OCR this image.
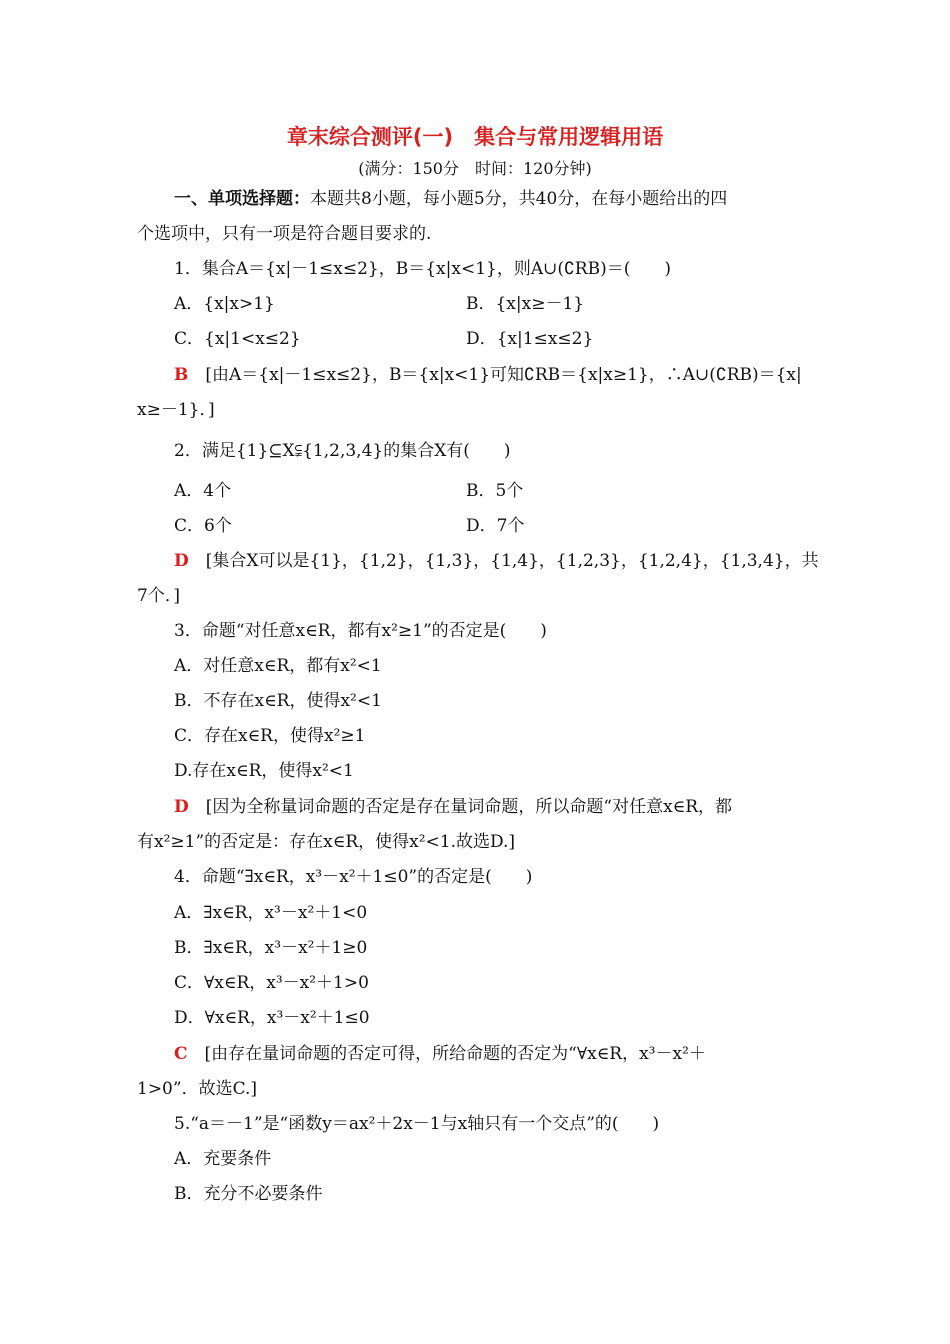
章末综合测评(一)　集合与常用逻辑用语
(满分：150分　时间：120分钟)
一、单项选择题：本题共8小题，每小题5分，共40分，在每小题给出的四
个选项中，只有一项是符合题目要求的.
1．集合A＝{x|－1≤x≤2}，B＝{x|x<1}，则A∪(∁RB)＝(　　)
A．{x|x>1}	B．{x|x≥－1}
C．{x|1<x≤2}	D．{x|1≤x≤2}
B　 [由A＝{x|－1≤x≤2}，B＝{x|x<1}可知∁RB＝{x|x≥1}，∴A∪(∁RB)＝{x|
x≥－1}．]
2．满足{1}⊆X⫋{1,2,3,4}的集合X有(　　)
A．4个	B．5个
C．6个	D．7个
D　 [集合X可以是{1}，{1,2}，{1,3}，{1,4}，{1,2,3}，{1,2,4}，{1,3,4}，共
7个．]
3．命题“对任意x∈R，都有x²≥1”的否定是(　　)
A．对任意x∈R，都有x²<1
B．不存在x∈R，使得x²<1
C．存在x∈R，使得x²≥1
D.存在x∈R，使得x²<1
D　 [因为全称量词命题的否定是存在量词命题，所以命题“对任意x∈R，都
有x²≥1”的否定是：存在x∈R，使得x²<1.故选D.]
4．命题“∃x∈R，x³－x²＋1≤0”的否定是(　　)
A．∃x∈R，x³－x²＋1<0
B．∃x∈R，x³－x²＋1≥0
C．∀x∈R，x³－x²＋1>0
D．∀x∈R，x³－x²＋1≤0
C　 [由存在量词命题的否定可得，所给命题的否定为“∀x∈R，x³－x²＋
1>0”．故选C.]
5.“a＝－1”是“函数y＝ax²＋2x－1与x轴只有一个交点”的(　　)
A．充要条件
B．充分不必要条件
